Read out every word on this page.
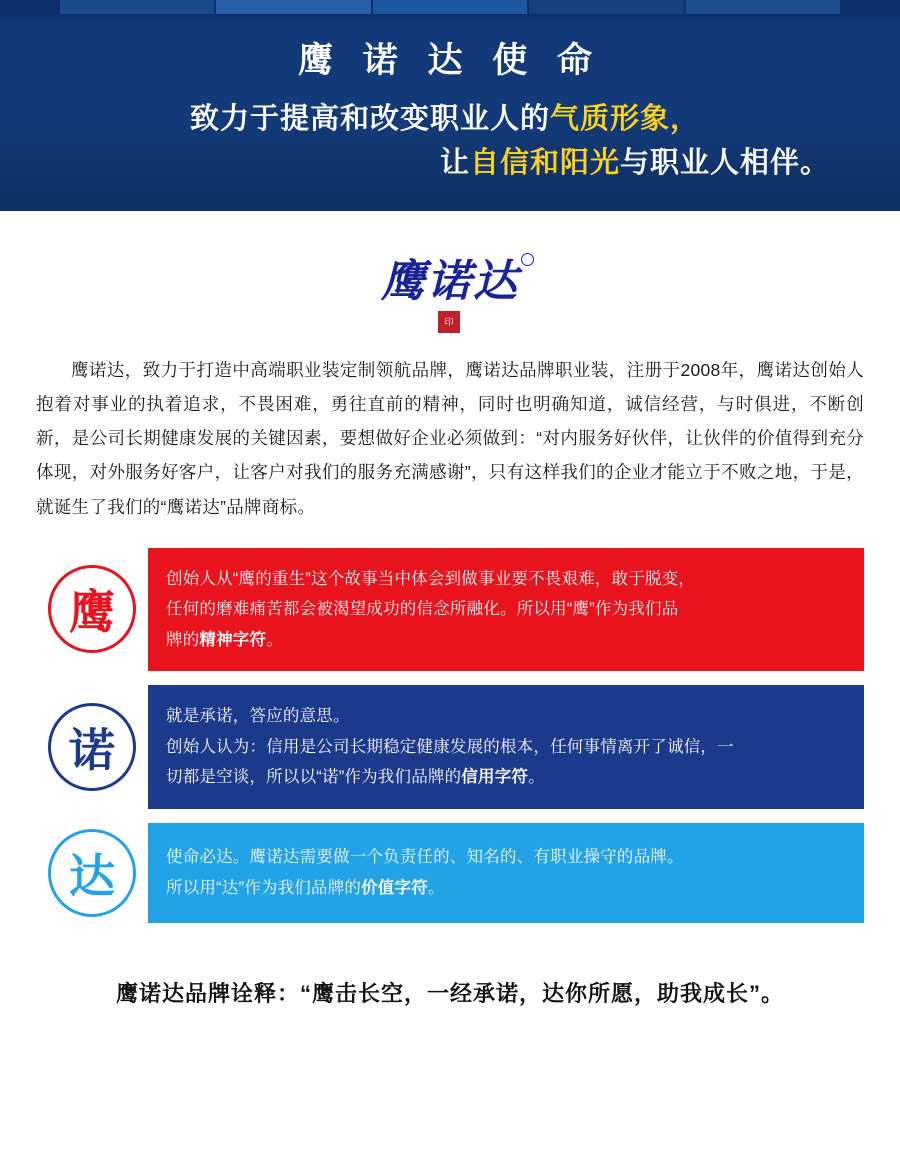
鹰 诺 达 使 命
致力于提高和改变职业人的气质形象，
让自信和阳光与职业人相伴。
鹰诺达
印
鹰诺达，致力于打造中高端职业装定制领航品牌，鹰诺达品牌职业装，注册于2008年，鹰诺达创始人抱着对事业的执着追求，不畏困难，勇往直前的精神，同时也明确知道，诚信经营，与时俱进，不断创新，是公司长期健康发展的关键因素，要想做好企业必须做到：“对内服务好伙伴，让伙伴的价值得到充分体现，对外服务好客户，让客户对我们的服务充满感谢”，只有这样我们的企业才能立于不败之地，于是，就诞生了我们的“鹰诺达”品牌商标。
鹰
创始人从“鹰的重生”这个故事当中体会到做事业要不畏艰难，敢于脱变，
任何的磨难痛苦都会被渴望成功的信念所融化。所以用“鹰”作为我们品
牌的精神字符。
诺
就是承诺，答应的意思。
创始人认为：信用是公司长期稳定健康发展的根本，任何事情离开了诚信，一
切都是空谈，所以以“诺”作为我们品牌的信用字符。
达	使命必达。鹰诺达需要做一个负责任的、知名的、有职业操守的品牌。
所以用“达”作为我们品牌的价值字符。
鹰诺达品牌诠释：“鹰击长空，一经承诺，达你所愿，助我成长”。
